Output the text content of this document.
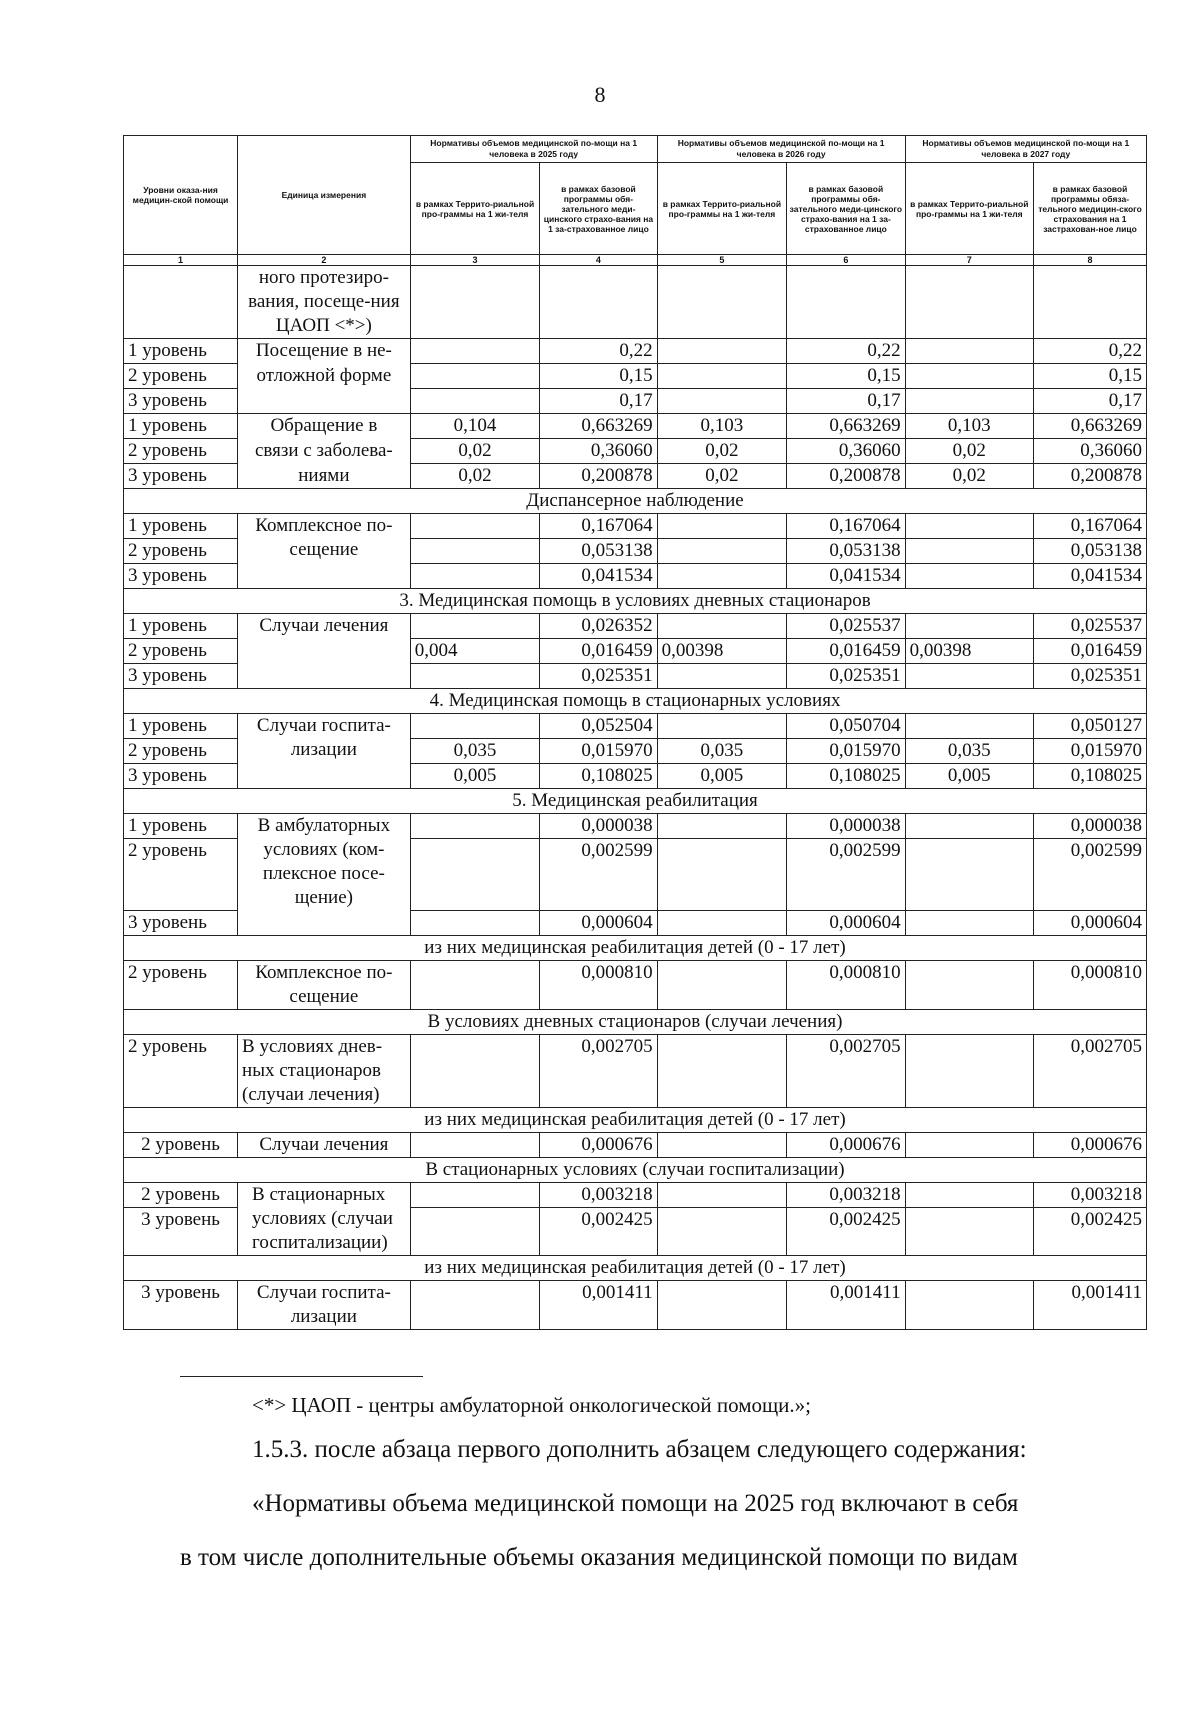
8
Уровни оказа-ния медицин-ской помощи	Единица измерения	Нормативы объемов медицинской по-мощи на 1 человека в 2025 году		Нормативы объемов медицинской по-мощи на 1 человека в 2026 году		Нормативы объемов медицинской по-мощи на 1 человека в 2027 году	
		в рамках Террито-риальной про-граммы на 1 жи-теля	в рамках базовой программы обя-зательного меди-цинского страхо-вания на 1 за-страхованное лицо	в рамках Террито-риальной про-граммы на 1 жи-теля	в рамках базовой программы обя-зательного меди-цинского страхо-вания на 1 за-страхованное лицо	в рамках Террито-риальной про-граммы на 1 жи-теля	в рамках базовой программы обяза-тельного медицин-ского страхования на 1 застрахован-ное лицо
1	2	3	4	5	6	7	8
	ного протезиро-вания, посеще-ния ЦАОП <*>)						
1 уровень	Посещение в не-		0,22		0,22		0,22
2 уровень	отложной форме		0,15		0,15		0,15
3 уровень			0,17		0,17		0,17
1 уровень	Обращение в	0,104	0,663269	0,103	0,663269	0,103	0,663269
2 уровень	связи с заболева-	0,02	0,36060	0,02	0,36060	0,02	0,36060
3 уровень	ниями	0,02	0,200878	0,02	0,200878	0,02	0,200878
Диспансерное наблюдение							
1 уровень	Комплексное по-сещение		0,167064		0,167064		0,167064
2 уровень			0,053138		0,053138		0,053138
3 уровень			0,041534		0,041534		0,041534
3. Медицинская помощь в условиях дневных стационаров							
1 уровень	Случаи лечения		0,026352		0,025537		0,025537
2 уровень		0,004	0,016459	0,00398	0,016459	0,00398	0,016459
3 уровень			0,025351		0,025351		0,025351
4. Медицинская помощь в стационарных условиях							
1 уровень	Случаи госпита-лизации		0,052504		0,050704		0,050127
2 уровень		0,035	0,015970	0,035	0,015970	0,035	0,015970
3 уровень		0,005	0,108025	0,005	0,108025	0,005	0,108025
5. Медицинская реабилитация							
1 уровень	В амбулаторных условиях (ком-плексное посе-щение)		0,000038		0,000038		0,000038
2 уровень			0,002599		0,002599		0,002599
3 уровень			0,000604		0,000604		0,000604
из них медицинская реабилитация детей (0 - 17 лет)							
2 уровень	Комплексное по-сещение		0,000810		0,000810		0,000810
В условиях дневных стационаров (случаи лечения)							
2 уровень	В условиях днев-ных стационаров (случаи лечения)		0,002705		0,002705		0,002705
из них медицинская реабилитация детей (0 - 17 лет)							
2 уровень	Случаи лечения		0,000676		0,000676		0,000676
В стационарных условиях (случаи госпитализации)							
2 уровень	В стационарных условиях (случаи госпитализации)		0,003218		0,003218		0,003218
3 уровень			0,002425		0,002425		0,002425
из них медицинская реабилитация детей (0 - 17 лет)							
3 уровень	Случаи госпита-лизации		0,001411		0,001411		0,001411
<*> ЦАОП - центры амбулаторной онкологической помощи.»;
1.5.3. после абзаца первого дополнить абзацем следующего содержания:
«Нормативы объема медицинской помощи на 2025 год включают в себя
в том числе дополнительные объемы оказания медицинской помощи по видам
